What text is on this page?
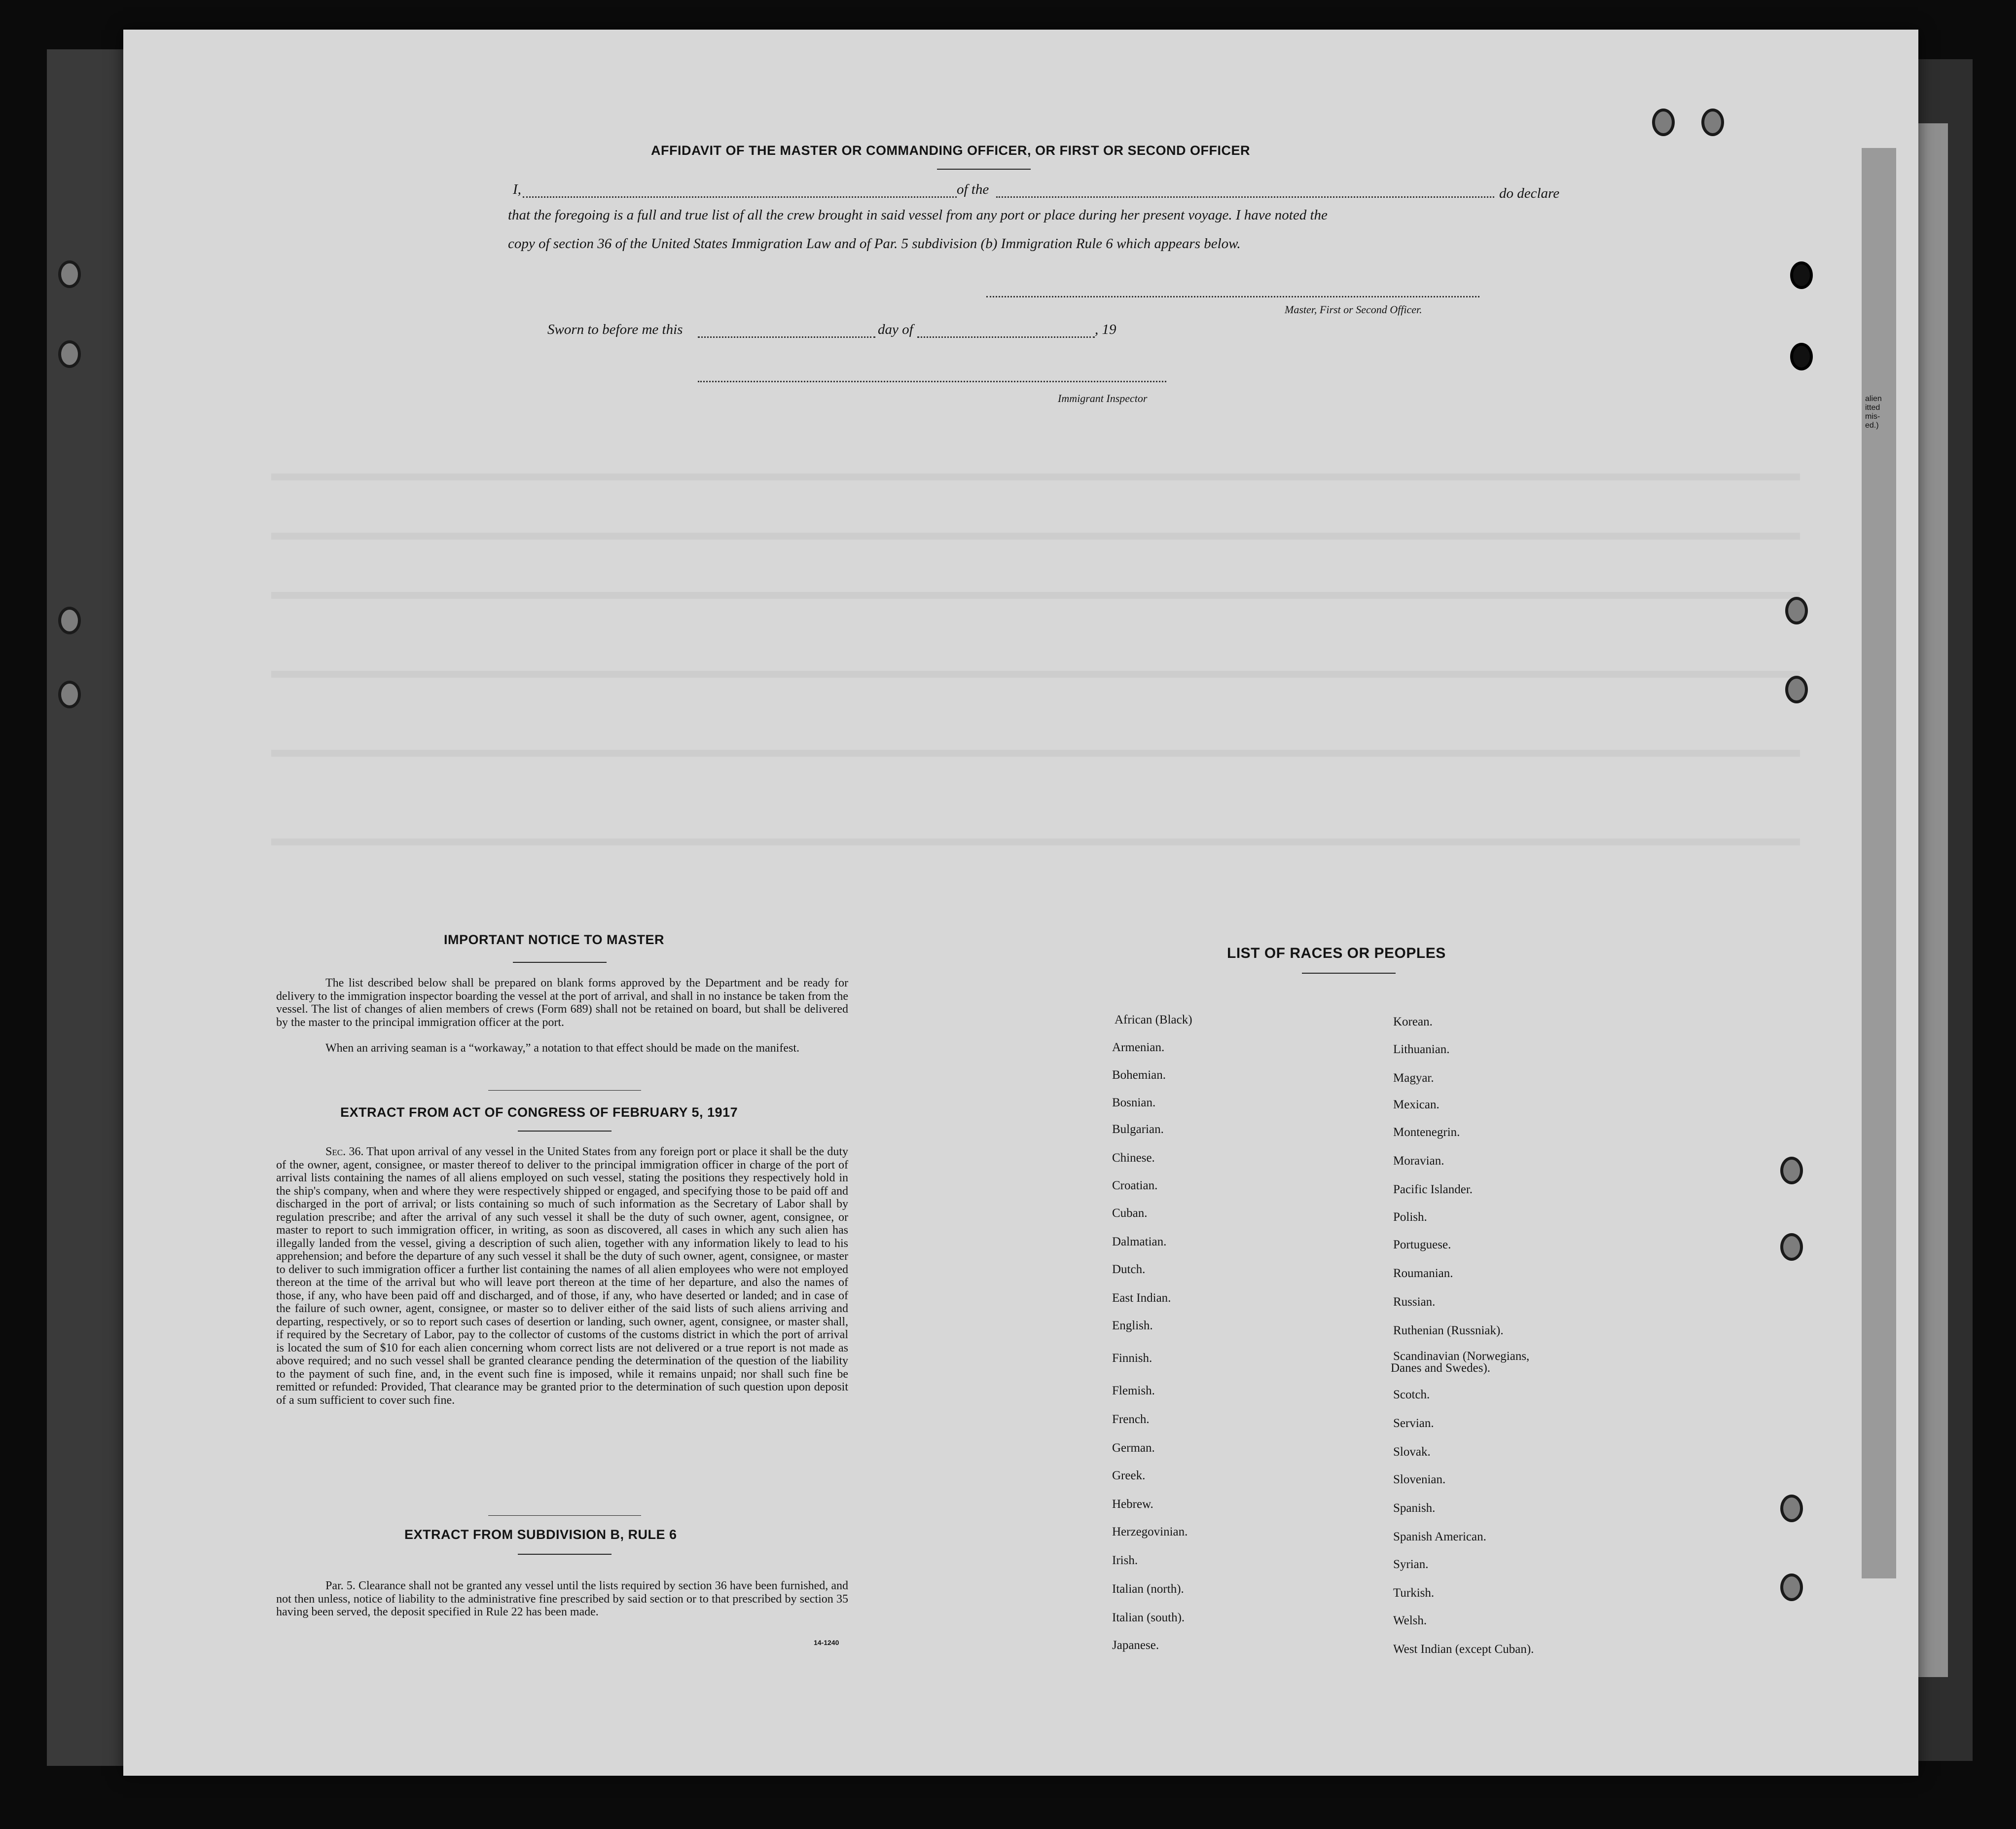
AFFIDAVIT OF THE MASTER OR COMMANDING OFFICER, OR FIRST OR SECOND OFFICER
I,	of the	do declare
that the foregoing is a full and true list of all the crew brought in said vessel from any port or place during her present voyage. I have noted the
copy of section 36 of the United States Immigration Law and of Par. 5 subdivision (b) Immigration Rule 6 which appears below.
Master, First or Second Officer.
Sworn to before me this	day of	, 19
Immigrant Inspector
IMPORTANT NOTICE TO MASTER
The list described below shall be prepared on blank forms approved by the Department and be ready for delivery to the immigration inspector boarding the vessel at the port of arrival, and shall in no instance be taken from the vessel. The list of changes of alien members of crews (Form 689) shall not be retained on board, but shall be delivered by the master to the principal immigration officer at the port.
When an arriving seaman is a “workaway,” a notation to that effect should be made on the manifest.
EXTRACT FROM ACT OF CONGRESS OF FEBRUARY 5, 1917
Sec. 36. That upon arrival of any vessel in the United States from any foreign port or place it shall be the duty of the owner, agent, consignee, or master thereof to deliver to the principal immigration officer in charge of the port of arrival lists containing the names of all aliens employed on such vessel, stating the positions they respectively hold in the ship's company, when and where they were respectively shipped or engaged, and specifying those to be paid off and discharged in the port of arrival; or lists containing so much of such information as the Secretary of Labor shall by regulation prescribe; and after the arrival of any such vessel it shall be the duty of such owner, agent, consignee, or master to report to such immigration officer, in writing, as soon as discovered, all cases in which any such alien has illegally landed from the vessel, giving a description of such alien, together with any information likely to lead to his apprehension; and before the departure of any such vessel it shall be the duty of such owner, agent, consignee, or master to deliver to such immigration officer a further list containing the names of all alien employees who were not employed thereon at the time of the arrival but who will leave port thereon at the time of her departure, and also the names of those, if any, who have been paid off and discharged, and of those, if any, who have deserted or landed; and in case of the failure of such owner, agent, consignee, or master so to deliver either of the said lists of such aliens arriving and departing, respectively, or so to report such cases of desertion or landing, such owner, agent, consignee, or master shall, if required by the Secretary of Labor, pay to the collector of customs of the customs district in which the port of arrival is located the sum of $10 for each alien concerning whom correct lists are not delivered or a true report is not made as above required; and no such vessel shall be granted clearance pending the determination of the question of the liability to the payment of such fine, and, in the event such fine is imposed, while it remains unpaid; nor shall such fine be remitted or refunded: Provided, That clearance may be granted prior to the determination of such question upon deposit of a sum sufficient to cover such fine.
EXTRACT FROM SUBDIVISION B, RULE 6
Par. 5. Clearance shall not be granted any vessel until the lists required by section 36 have been furnished, and not then unless, notice of liability to the administrative fine prescribed by said section or to that prescribed by section 35 having been served, the deposit specified in Rule 22 has been made.
14-1240
LIST OF RACES OR PEOPLES
African (Black)
Armenian.
Bohemian.
Bosnian.
Bulgarian.
Chinese.
Croatian.
Cuban.
Dalmatian.
Dutch.
East Indian.
English.
Finnish.
Flemish.
French.
German.
Greek.
Hebrew.
Herzegovinian.
Irish.
Italian (north).
Italian (south).
Japanese.
Korean.
Lithuanian.
Magyar.
Mexican.
Montenegrin.
Moravian.
Pacific Islander.
Polish.
Portuguese.
Roumanian.
Russian.
Ruthenian (Russniak).
Scandinavian (Norwegians,
Danes and Swedes).
Scotch.
Servian.
Slovak.
Slovenian.
Spanish.
Spanish American.
Syrian.
Turkish.
Welsh.
West Indian (except Cuban).
alien
itted
mis-
ed.)
